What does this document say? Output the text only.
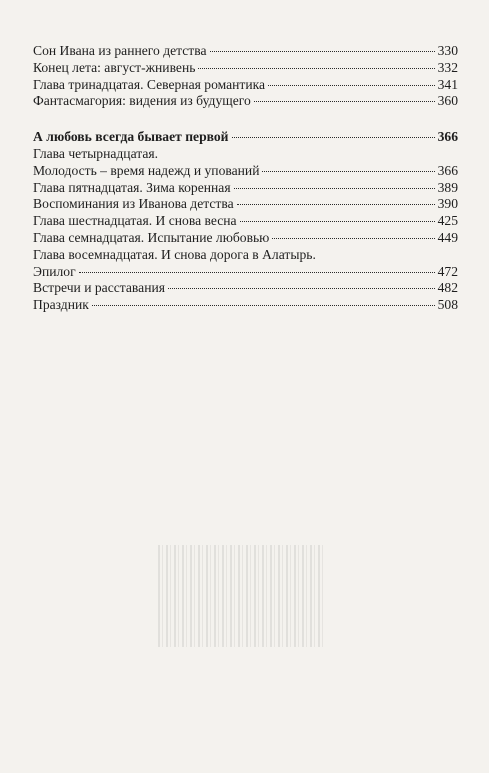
Сон Ивана из раннего детства	330
Конец лета: август-жнивень	332
Глава тринадцатая. Северная романтика	341
Фантасмагория: видения из будущего	360
А любовь всегда бывает первой	366
Глава четырнадцатая.
Молодость – время надежд и упований	366
Глава пятнадцатая. Зима коренная	389
Воспоминания из Иванова детства	390
Глава шестнадцатая. И снова весна	425
Глава семнадцатая. Испытание любовью	449
Глава восемнадцатая. И снова дорога в Алатырь.
Эпилог	472
Встречи и расставания	482
Праздник	508
